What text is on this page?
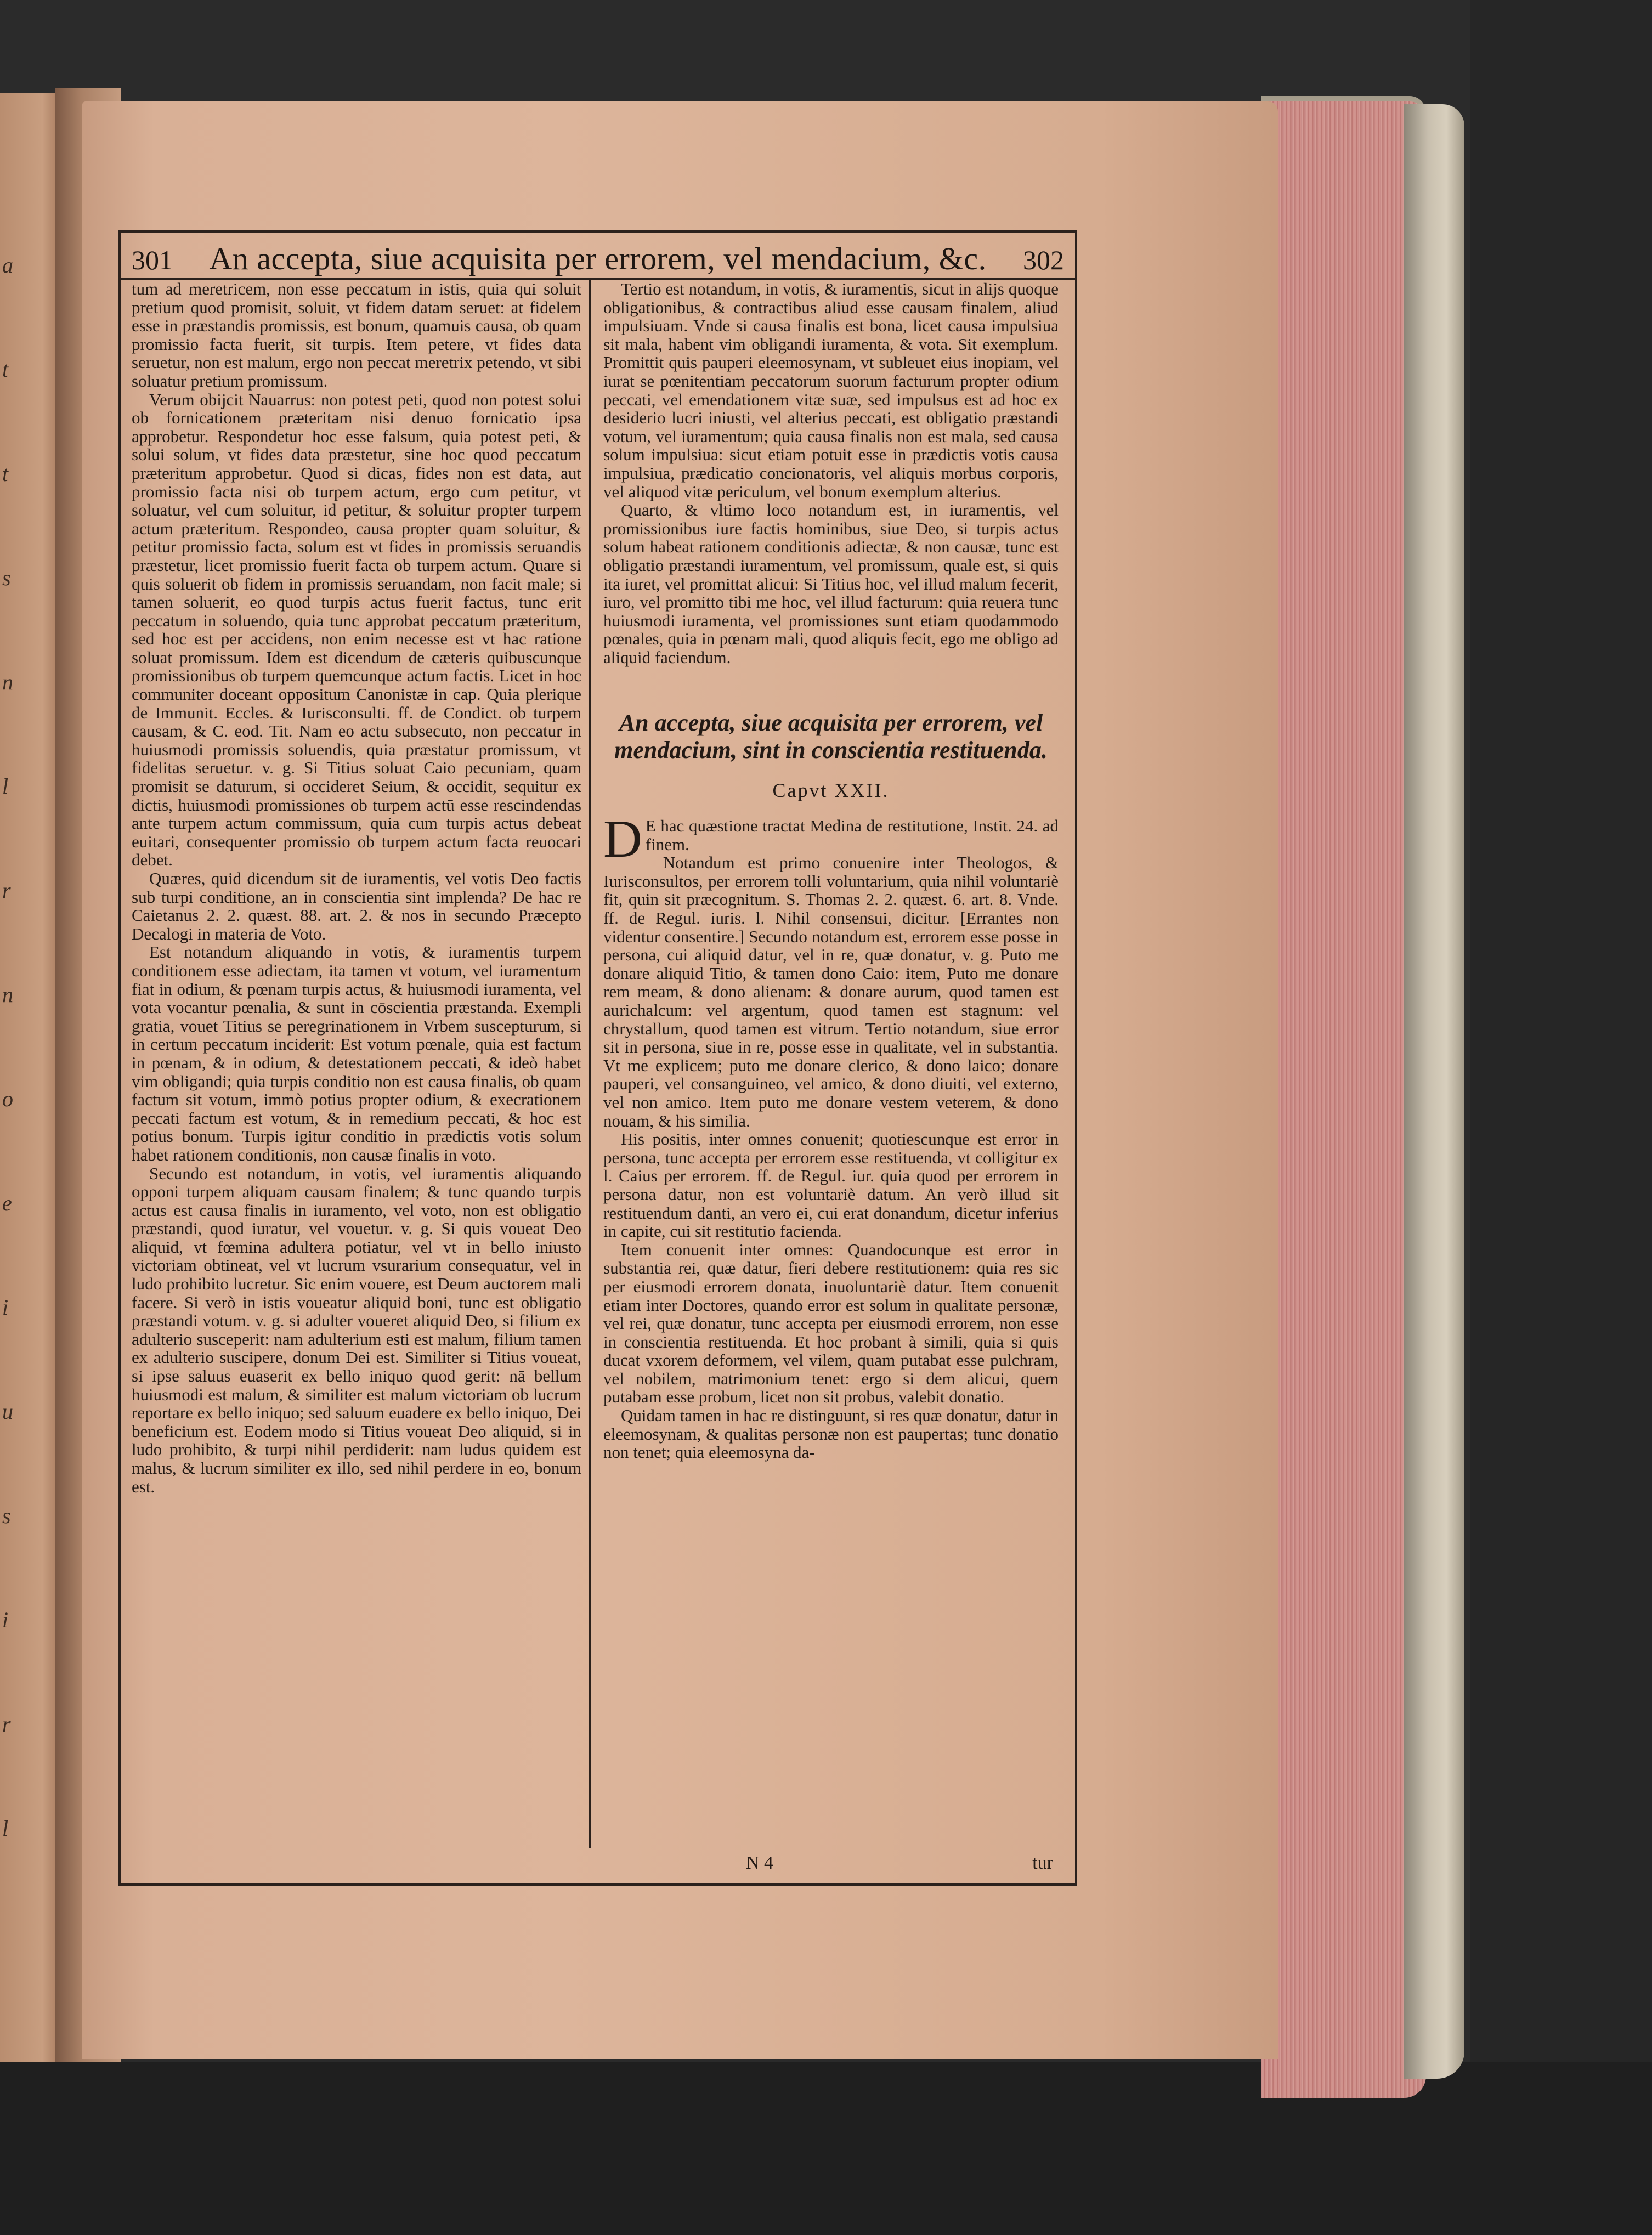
a
t
t
s
n
l
r
n
o
e
i
u
s
i
r
l
301 An accepta, siue acquisita per errorem, vel mendacium, &c. 302

tum ad meretricem, non esse peccatum in istis, quia qui soluit pretium quod promisit, soluit, vt fidem datam seruet: at fidelem esse in præstandis promissis, est bonum, quamuis causa, ob quam promissio facta fuerit, sit turpis. Item petere, vt fides data seruetur, non est malum, ergo non peccat meretrix petendo, vt sibi soluatur pretium promissum.

Verum obijcit Nauarrus: non potest peti, quod non potest solui ob fornicationem præteritam nisi denuo fornicatio ipsa approbetur. Respondetur hoc esse falsum, quia potest peti, & solui solum, vt fides data præstetur, sine hoc quod peccatum præteritum approbetur. Quod si dicas, fides non est data, aut promissio facta nisi ob turpem actum, ergo cum petitur, vt soluatur, vel cum soluitur, id petitur, & soluitur propter turpem actum præteritum. Respondeo, causa propter quam soluitur, & petitur promissio facta, solum est vt fides in promissis seruandis præstetur, licet promissio fuerit facta ob turpem actum. Quare si quis soluerit ob fidem in promissis seruandam, non facit male; si tamen soluerit, eo quod turpis actus fuerit factus, tunc erit peccatum in soluendo, quia tunc approbat peccatum præteritum, sed hoc est per accidens, non enim necesse est vt hac ratione soluat promissum. Idem est dicendum de cæteris quibuscunque promissionibus ob turpem quemcunque actum factis. Licet in hoc communiter doceant oppositum Canonistæ in cap. Quia plerique de Immunit. Eccles. & Iurisconsulti. ff. de Condict. ob turpem causam, & C. eod. Tit. Nam eo actu subsecuto, non peccatur in huiusmodi promissis soluendis, quia præstatur promissum, vt fidelitas seruetur. v. g. Si Titius soluat Caio pecuniam, quam promisit se daturum, si occideret Seium, & occidit, sequitur ex dictis, huiusmodi promissiones ob turpem actū esse rescindendas ante turpem actum commissum, quia cum turpis actus debeat euitari, consequenter promissio ob turpem actum facta reuocari debet.

Quæres, quid dicendum sit de iuramentis, vel votis Deo factis sub turpi conditione, an in conscientia sint implenda? De hac re Caietanus 2. 2. quæst. 88. art. 2. & nos in secundo Præcepto Decalogi in materia de Voto.

Est notandum aliquando in votis, & iuramentis turpem conditionem esse adiectam, ita tamen vt votum, vel iuramentum fiat in odium, & pœnam turpis actus, & huiusmodi iuramenta, vel vota vocantur pœnalia, & sunt in cōscientia præstanda. Exempli gratia, vouet Titius se peregrinationem in Vrbem suscepturum, si in certum peccatum inciderit: Est votum pœnale, quia est factum in pœnam, & in odium, & detestationem peccati, & ideò habet vim obligandi; quia turpis conditio non est causa finalis, ob quam factum sit votum, immò potius propter odium, & execrationem peccati factum est votum, & in remedium peccati, & hoc est potius bonum. Turpis igitur conditio in prædictis votis solum habet rationem conditionis, non causæ finalis in voto.

Secundo est notandum, in votis, vel iuramentis aliquando opponi turpem aliquam causam finalem; & tunc quando turpis actus est causa finalis in iuramento, vel voto, non est obligatio præstandi, quod iuratur, vel vouetur. v. g. Si quis voueat Deo aliquid, vt fœmina adultera potiatur, vel vt in bello iniusto victoriam obtineat, vel vt lucrum vsurarium consequatur, vel in ludo prohibito lucretur. Sic enim vouere, est Deum auctorem mali facere. Si verò in istis voueatur aliquid boni, tunc est obligatio præstandi votum. v. g. si adulter voueret aliquid Deo, si filium ex adulterio susceperit: nam adulterium esti est malum, filium tamen ex adulterio suscipere, donum Dei est. Similiter si Titius voueat, si ipse saluus euaserit ex bello iniquo quod gerit: nā bellum huiusmodi est malum, & similiter est malum victoriam ob lucrum reportare ex bello iniquo; sed saluum euadere ex bello iniquo, Dei beneficium est. Eodem modo si Titius voueat Deo aliquid, si in ludo prohibito, & turpi nihil perdiderit: nam ludus quidem est malus, & lucrum similiter ex illo, sed nihil perdere in eo, bonum est.

Tertio est notandum, in votis, & iuramentis, sicut in alijs quoque obligationibus, & contractibus aliud esse causam finalem, aliud impulsiuam. Vnde si causa finalis est bona, licet causa impulsiua sit mala, habent vim obligandi iuramenta, & vota. Sit exemplum. Promittit quis pauperi eleemosynam, vt subleuet eius inopiam, vel iurat se pœnitentiam peccatorum suorum facturum propter odium peccati, vel emendationem vitæ suæ, sed impulsus est ad hoc ex desiderio lucri iniusti, vel alterius peccati, est obligatio præstandi votum, vel iuramentum; quia causa finalis non est mala, sed causa solum impulsiua: sicut etiam potuit esse in prædictis votis causa impulsiua, prædicatio concionatoris, vel aliquis morbus corporis, vel aliquod vitæ periculum, vel bonum exemplum alterius.

Quarto, & vltimo loco notandum est, in iuramentis, vel promissionibus iure factis hominibus, siue Deo, si turpis actus solum habeat rationem conditionis adiectæ, & non causæ, tunc est obligatio præstandi iuramentum, vel promissum, quale est, si quis ita iuret, vel promittat alicui: Si Titius hoc, vel illud malum fecerit, iuro, vel promitto tibi me hoc, vel illud facturum: quia reuera tunc huiusmodi iuramenta, vel promissiones sunt etiam quodammodo pœnales, quia in pœnam mali, quod aliquis fecit, ego me obligo ad aliquid faciendum.

An accepta, siue acquisita per errorem, vel mendacium, sint in conscientia restituenda.
Capvt XXII.

D E hac quæstione tractat Medina de restitutione, Instit. 24. ad finem.

Notandum est primo conuenire inter Theologos, & Iurisconsultos, per errorem tolli voluntarium, quia nihil voluntariè fit, quin sit præcognitum. S. Thomas 2. 2. quæst. 6. art. 8. Vnde. ff. de Regul. iuris. l. Nihil consensui, dicitur. [Errantes non videntur consentire.] Secundo notandum est, errorem esse posse in persona, cui aliquid datur, vel in re, quæ donatur, v. g. Puto me donare aliquid Titio, & tamen dono Caio: item, Puto me donare rem meam, & dono alienam: & donare aurum, quod tamen est aurichalcum: vel argentum, quod tamen est stagnum: vel chrystallum, quod tamen est vitrum. Tertio notandum, siue error sit in persona, siue in re, posse esse in qualitate, vel in substantia. Vt me explicem; puto me donare clerico, & dono laico; donare pauperi, vel consanguineo, vel amico, & dono diuiti, vel externo, vel non amico. Item puto me donare vestem veterem, & dono nouam, & his similia.

His positis, inter omnes conuenit; quotiescunque est error in persona, tunc accepta per errorem esse restituenda, vt colligitur ex l. Caius per errorem. ff. de Regul. iur. quia quod per errorem in persona datur, non est voluntariè datum. An verò illud sit restituendum danti, an vero ei, cui erat donandum, dicetur inferius in capite, cui sit restitutio facienda.

Item conuenit inter omnes: Quandocunque est error in substantia rei, quæ datur, fieri debere restitutionem: quia res sic per eiusmodi errorem donata, inuoluntariè datur. Item conuenit etiam inter Doctores, quando error est solum in qualitate personæ, vel rei, quæ donatur, tunc accepta per eiusmodi errorem, non esse in conscientia restituenda. Et hoc probant à simili, quia si quis ducat vxorem deformem, vel vilem, quam putabat esse pulchram, vel nobilem, matrimonium tenet: ergo si dem alicui, quem putabam esse probum, licet non sit probus, valebit donatio.

Quidam tamen in hac re distinguunt, si res quæ donatur, datur in eleemosynam, & qualitas personæ non est paupertas; tunc donatio non tenet; quia eleemosyna da-

N 4	tur
